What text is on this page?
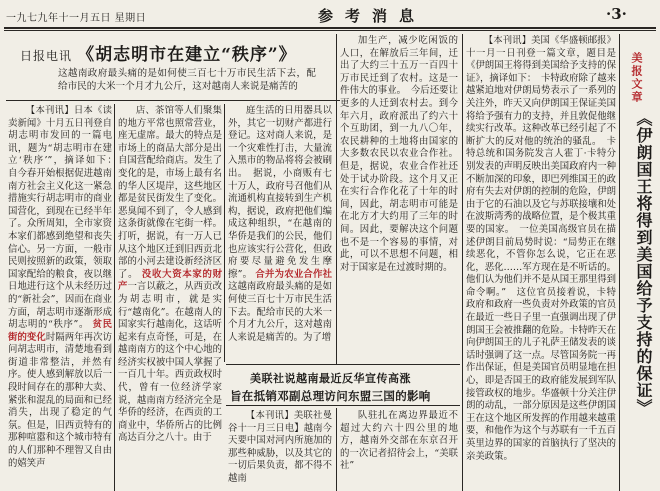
一九七九年十一月五日 星期日	参考消息	·3·
日报电讯 《胡志明市在建立“秩序”》
这越南政府最头痛的是如何使三百七十万市民生活下去，配给市民的大米一个月才九公斤，这对越南人来说是痛苦的
【本刊讯】日本《读卖新闻》十月五日刊登自胡志明市发回的一篇电讯，题为“胡志明市在建立‘秩序’”，摘译如下：　自今春开始根据促进越南南方社会主义化这一紧急措施实行胡志明市的商业国营化，到现在已经半年了。众所周知，全市家资本家们都感到绝望和丧失信心。另一方面，一般市民则按照新的政策，领取国家配给的粮食，夜以继日地进行这个从未经历过的“新社会”，因而在商业方面，胡志明市逐渐形成胡志明的“秩序”。 贫民街的变化时隔两年再次访问胡志明市，清楚地看到街道非常整洁，并然有序。使人感到解放以后一段时间存在的那种大卖、紧张和混乱的局面和已经消失，出现了稳定的气氛。但是，旧西贡特有的那种喧嚣和这个城市特有的人们那种不理智又自由的嬉笑声
店、茶馆等人们聚集的地方平常也照常营业，座无虚席。最大的特点是市场上的商品大部分是出自国营配给商店。发生了变化的是，市场上最有名的华人区堤岸，这些地区都是贫民街发生了变化。恶臭闻不到了，令人感到这条街就像在宅街一样。打听，据说，有一万人已从这个地区迁到旧西贡北部的小河去建设新经济区了。 没收大资本家的财产一言以蔽之，从西贡改为胡志明市，就是实行“越南化”。在越南人的国家实行越南化，这话听起来有点奇怪，可是，在越南南方的这个中心地的经济实权被中国人掌握了一百几十年。西贡政权时代，曾有一位经济学家说，越南南方经济完全是华侨的经济，在西贡的工商业中，华侨所占的比例高达百分之八十。由于
庭生活的日用器具以外，其它一切财产都进行登记。这对商人来说，是一个灾难性打击，大量流入黑市的物品将将会被刷出。　据说，小商贩有七十万人，政府号召他们从流通机构直接转到生产机构，据说，政府把他们编成这种组织，“在越南的华侨是我们的公民，他们也应该实行公营化，但政府要尽量避免发生摩擦”。 合并为农业合作社这越南政府最头痛的是如何使三百七十万市民生活下去。配给市民的大米一个月才九公斤，这对越南人来说是痛苦的。为了增
加生产，减少吃闲饭的人口，在解放后三年间，迁出了大约三十五万一百四十万市民迁到了农村。这是一件伟大的事业。　今后还要让更多的人迁到农村去。到今年六月，政府派出了约六十个互助团，到一九八〇年，农民耕种的土地将由国家的大多数农民以农业合作社。但是，据说，农业合作社还处于试办阶段。这个月又正在实行合作化花了十年的时间，因此，胡志明市可能是在北方才大约用了三年的时间。因此，要解决这个问题也不是一个容易的事情，对此，可以不思想不问题，相对于国家是在过渡时期的。
美联社说越南最近反华宣传高涨
旨在抵销邓副总理访问东盟三国的影响
【本刊讯】美联社曼谷十一月三日电】越南今天要中国对河内所施加的那些种威胁，以及其它的一切后果负责，都不得不越南
队驻扎在离边界最近不超过大约六十四公里的地方，越南外交部在东京召开的一次记者招待会上，“美联社”
【本刊讯】美国《华盛顿邮报》十一月一日刊登一篇文章，题目是《伊朗国王将得到美国给予支持的保证》，摘译如下：　卡特政府除了越来越紧迫地对伊朗局势表示了一系列的关注外，昨天又向伊朗国王保证美国将给予强有力的支持，并且敦促他继续实行改革。这种改革已经引起了不断扩大的反对他的统治的骚乱。　卡特总统和国务院发言人霍丁·卡特分别发表的声明反映出美国政府内一种不断加深的印象，即巴列维国王的政府有失去对伊朗的控制的危险，伊朗由于它的石油以及它与苏联接壤和处在波斯湾秀的战略位置，是个极其重要的国家。　一位美国高级官员在描述伊朗目前局势时说：“局势正在继续恶化，不管你怎么说，它正在恶化，恶化……军方现在是不听话的。他们认为他们并不是从国王那里得到命令啊。”　这位官员接着说，卡特政府和政府一些负责对外政策的官员在最近一些日子里一直强调出现了伊朗国王会被推翻的危险。卡特昨天在向伊朗国王的儿子礼萨王储发表的谈话时强调了这一点。尽管国务院一再作出保证，但是美国官员明显地在担心，即是否国王的政府能发展到军队接管政权的地步。华盛顿十分关注伊朗的动乱，一部分原因是这些伊朗国王在这个地区所发挥的作用越来越重要，和他作为这个与苏联有一千五百英里边界的国家的首脑执行了坚决的亲美政策。
美报文章
《伊朗国王将得到美国给予支持的保证》
